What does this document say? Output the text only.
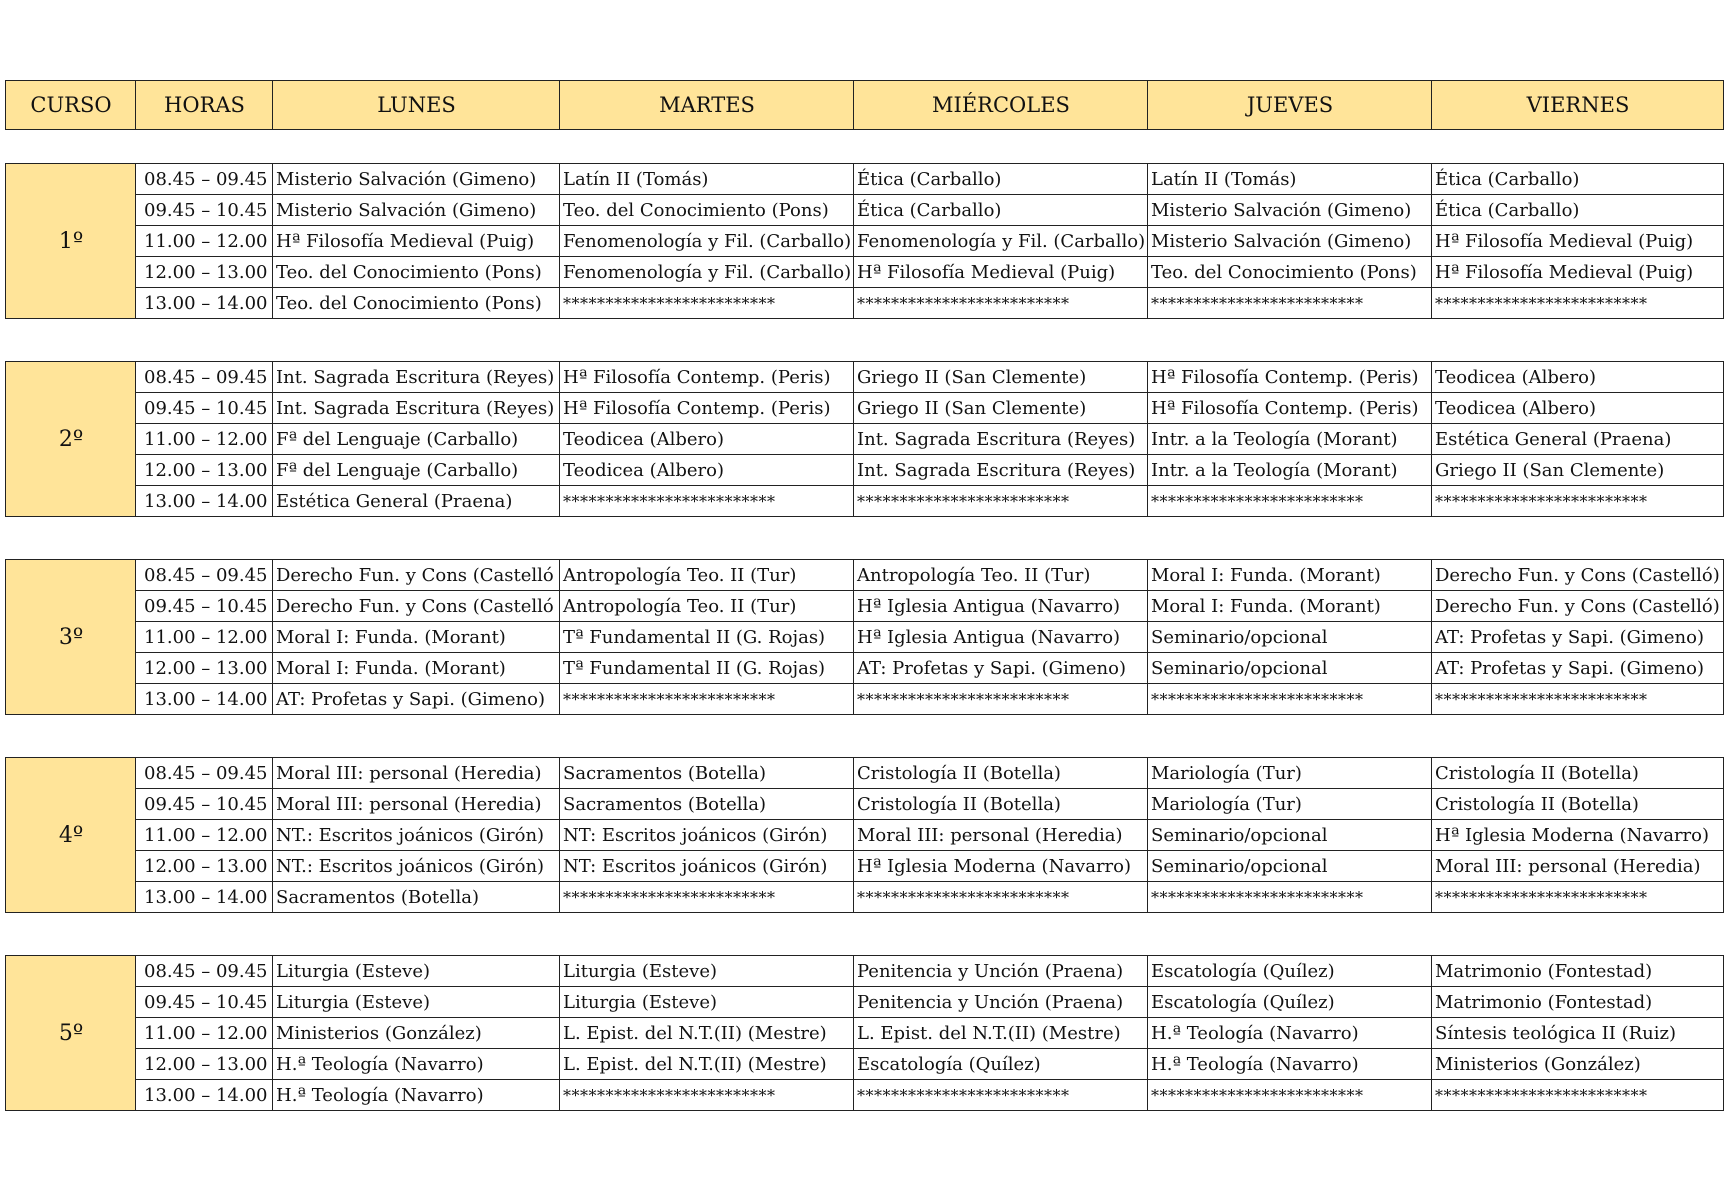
CURSO	HORAS	LUNES	MARTES	MIÉRCOLES	JUEVES	VIERNES
1º	08.45 – 09.45	Misterio Salvación (Gimeno)	Latín II (Tomás)	Ética (Carballo)	Latín II (Tomás)	Ética (Carballo)
	09.45 – 10.45	Misterio Salvación (Gimeno)	Teo. del Conocimiento (Pons)	Ética (Carballo)	Misterio Salvación (Gimeno)	Ética (Carballo)
	11.00 – 12.00	Hª Filosofía Medieval (Puig)	Fenomenología y Fil. (Carballo)	Fenomenología y Fil. (Carballo)	Misterio Salvación (Gimeno)	Hª Filosofía Medieval (Puig)
	12.00 – 13.00	Teo. del Conocimiento (Pons)	Fenomenología y Fil. (Carballo)	Hª Filosofía Medieval (Puig)	Teo. del Conocimiento (Pons)	Hª Filosofía Medieval (Puig)
	13.00 – 14.00	Teo. del Conocimiento (Pons)	*************************	*************************	*************************	*************************
2º	08.45 – 09.45	Int. Sagrada Escritura (Reyes)	Hª Filosofía Contemp. (Peris)	Griego II (San Clemente)	Hª Filosofía Contemp. (Peris)	Teodicea (Albero)
	09.45 – 10.45	Int. Sagrada Escritura (Reyes)	Hª Filosofía Contemp. (Peris)	Griego II (San Clemente)	Hª Filosofía Contemp. (Peris)	Teodicea (Albero)
	11.00 – 12.00	Fª del Lenguaje (Carballo)	Teodicea (Albero)	Int. Sagrada Escritura (Reyes)	Intr. a la Teología (Morant)	Estética General (Praena)
	12.00 – 13.00	Fª del Lenguaje (Carballo)	Teodicea (Albero)	Int. Sagrada Escritura (Reyes)	Intr. a la Teología (Morant)	Griego II (San Clemente)
	13.00 – 14.00	Estética General (Praena)	*************************	*************************	*************************	*************************
3º	08.45 – 09.45	Derecho Fun. y Cons (Castelló	Antropología Teo. II (Tur)	Antropología Teo. II (Tur)	Moral I: Funda. (Morant)	Derecho Fun. y Cons (Castelló)
	09.45 – 10.45	Derecho Fun. y Cons (Castelló	Antropología Teo. II (Tur)	Hª Iglesia Antigua (Navarro)	Moral I: Funda. (Morant)	Derecho Fun. y Cons (Castelló)
	11.00 – 12.00	Moral I: Funda. (Morant)	Tª Fundamental II (G. Rojas)	Hª Iglesia Antigua (Navarro)	Seminario/opcional	AT: Profetas y Sapi. (Gimeno)
	12.00 – 13.00	Moral I: Funda. (Morant)	Tª Fundamental II (G. Rojas)	AT: Profetas y Sapi. (Gimeno)	Seminario/opcional	AT: Profetas y Sapi. (Gimeno)
	13.00 – 14.00	AT: Profetas y Sapi. (Gimeno)	*************************	*************************	*************************	*************************
4º	08.45 – 09.45	Moral III: personal (Heredia)	Sacramentos (Botella)	Cristología II (Botella)	Mariología (Tur)	Cristología II (Botella)
	09.45 – 10.45	Moral III: personal (Heredia)	Sacramentos (Botella)	Cristología II (Botella)	Mariología (Tur)	Cristología II (Botella)
	11.00 – 12.00	NT.: Escritos joánicos (Girón)	NT: Escritos joánicos (Girón)	Moral III: personal (Heredia)	Seminario/opcional	Hª Iglesia Moderna (Navarro)
	12.00 – 13.00	NT.: Escritos joánicos (Girón)	NT: Escritos joánicos (Girón)	Hª Iglesia Moderna (Navarro)	Seminario/opcional	Moral III: personal (Heredia)
	13.00 – 14.00	Sacramentos (Botella)	*************************	*************************	*************************	*************************
5º	08.45 – 09.45	Liturgia (Esteve)	Liturgia (Esteve)	Penitencia y Unción (Praena)	Escatología (Quílez)	Matrimonio (Fontestad)
	09.45 – 10.45	Liturgia (Esteve)	Liturgia (Esteve)	Penitencia y Unción (Praena)	Escatología (Quílez)	Matrimonio (Fontestad)
	11.00 – 12.00	Ministerios (González)	L. Epist. del N.T.(II) (Mestre)	L. Epist. del N.T.(II) (Mestre)	H.ª Teología (Navarro)	Síntesis teológica II (Ruiz)
	12.00 – 13.00	H.ª Teología (Navarro)	L. Epist. del N.T.(II) (Mestre)	Escatología (Quílez)	H.ª Teología (Navarro)	Ministerios (González)
	13.00 – 14.00	H.ª Teología (Navarro)	*************************	*************************	*************************	*************************
